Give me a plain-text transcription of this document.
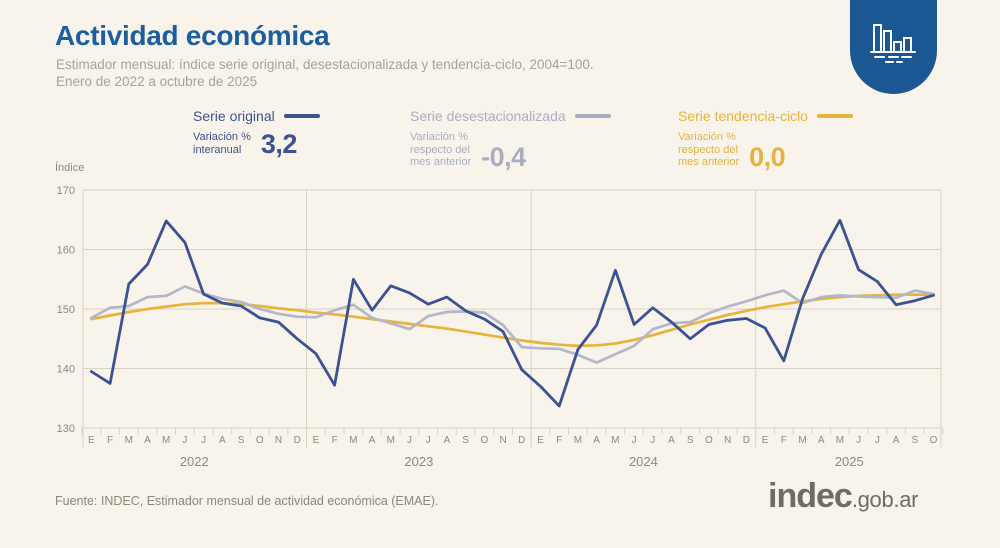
Actividad económica
Estimador mensual: índice serie original, desestacionalizada y tendencia-ciclo, 2004=100.
Enero de 2022 a octubre de 2025
Serie original
Variación %
interanual 3,2
Serie desestacionalizada
Variación %
respecto del
mes anterior -0,4
Serie tendencia-ciclo
Variación %
respecto del
mes anterior 0,0
Índice
170
160
150
140
130
E F M A M J J A S O N D E F M A M J J A S O N D E F M A M J J A S O N D E F M A M J J A S O
2022	2023	2024	2025
Fuente: INDEC, Estimador mensual de actividad económica (EMAE).	indec .gob.ar
